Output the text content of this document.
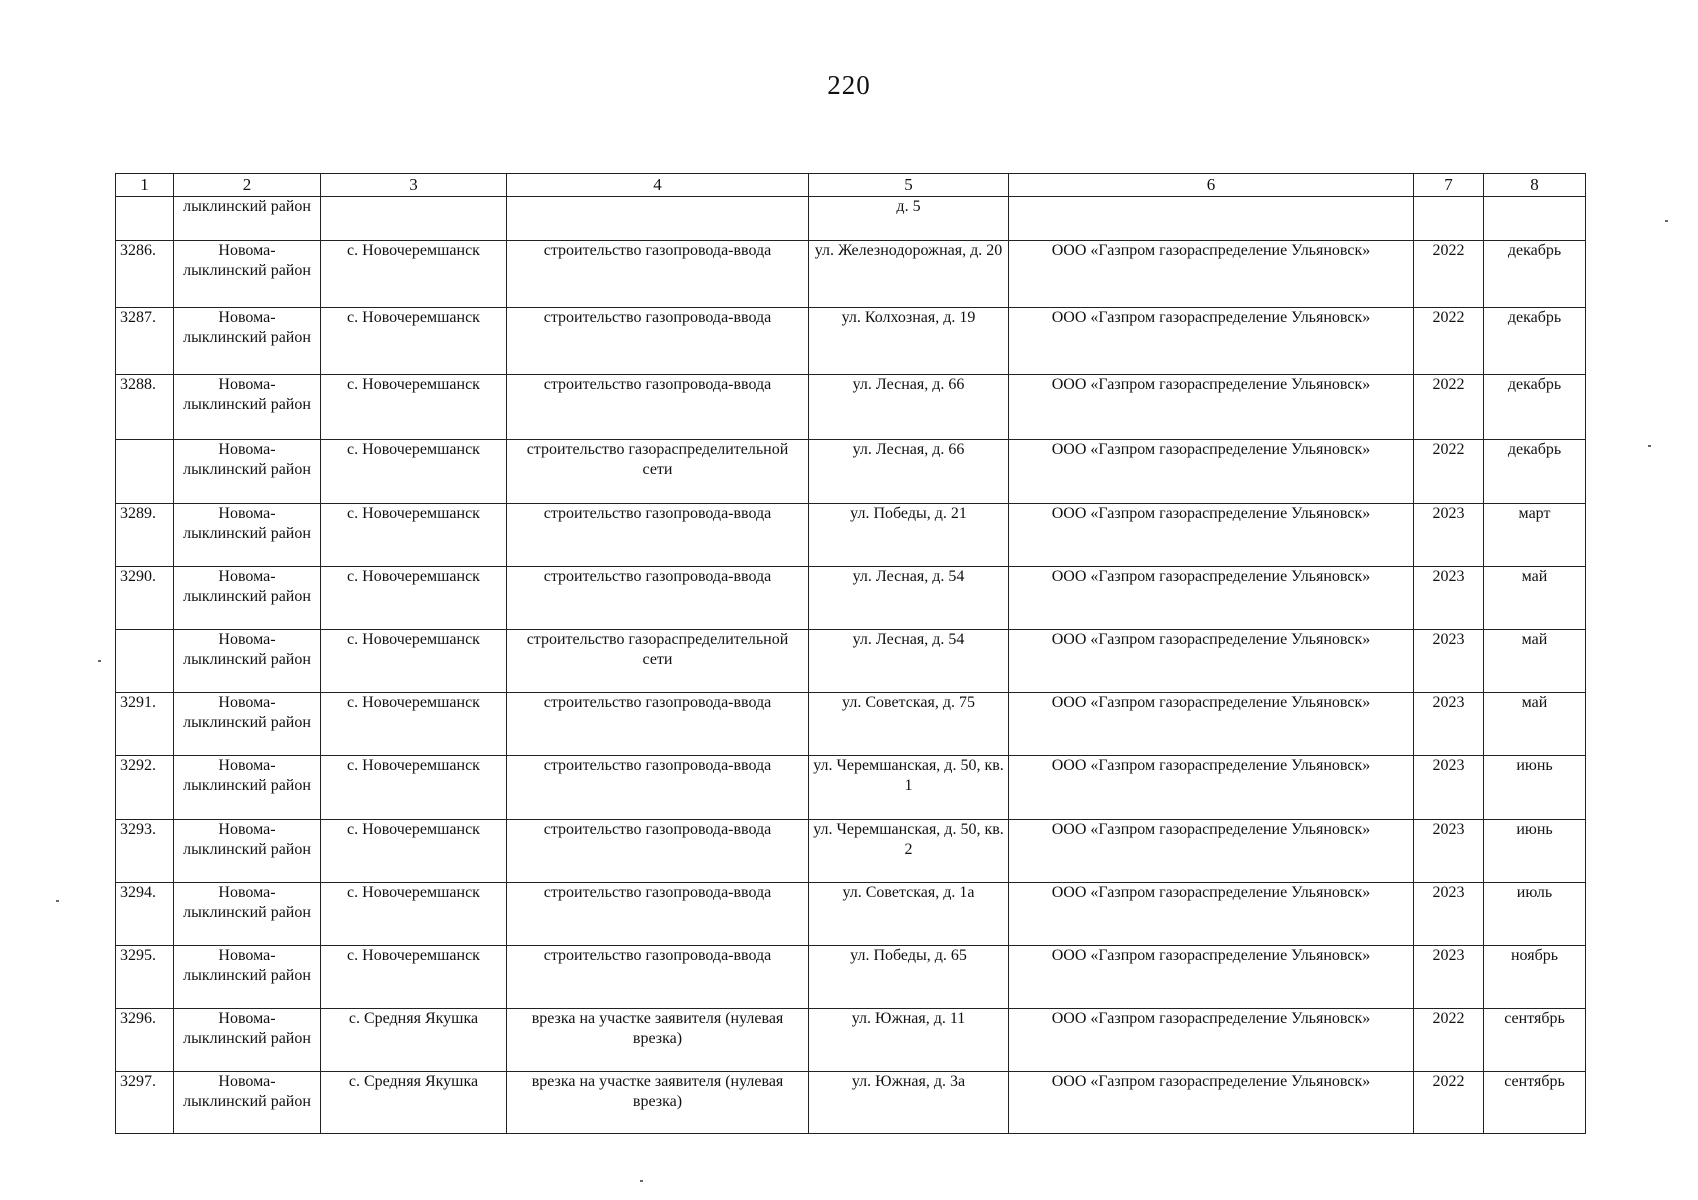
220
1	2	3	4	5	6	7	8
	лыклинский район			д. 5			
3286.	Новома-лыклинский район	с. Новочеремшанск	строительство газопровода-ввода	ул. Железнодорожная, д. 20	ООО «Газпром газораспределение Ульяновск»	2022	декабрь
3287.	Новома-лыклинский район	с. Новочеремшанск	строительство газопровода-ввода	ул. Колхозная, д. 19	ООО «Газпром газораспределение Ульяновск»	2022	декабрь
3288.	Новома-лыклинский район	с. Новочеремшанск	строительство газопровода-ввода	ул. Лесная, д. 66	ООО «Газпром газораспределение Ульяновск»	2022	декабрь
	Новома-лыклинский район	с. Новочеремшанск	строительство газораспределительной сети	ул. Лесная, д. 66	ООО «Газпром газораспределение Ульяновск»	2022	декабрь
3289.	Новома-лыклинский район	с. Новочеремшанск	строительство газопровода-ввода	ул. Победы, д. 21	ООО «Газпром газораспределение Ульяновск»	2023	март
3290.	Новома-лыклинский район	с. Новочеремшанск	строительство газопровода-ввода	ул. Лесная, д. 54	ООО «Газпром газораспределение Ульяновск»	2023	май
	Новома-лыклинский район	с. Новочеремшанск	строительство газораспределительной сети	ул. Лесная, д. 54	ООО «Газпром газораспределение Ульяновск»	2023	май
3291.	Новома-лыклинский район	с. Новочеремшанск	строительство газопровода-ввода	ул. Советская, д. 75	ООО «Газпром газораспределение Ульяновск»	2023	май
3292.	Новома-лыклинский район	с. Новочеремшанск	строительство газопровода-ввода	ул. Черемшанская, д. 50, кв. 1	ООО «Газпром газораспределение Ульяновск»	2023	июнь
3293.	Новома-лыклинский район	с. Новочеремшанск	строительство газопровода-ввода	ул. Черемшанская, д. 50, кв. 2	ООО «Газпром газораспределение Ульяновск»	2023	июнь
3294.	Новома-лыклинский район	с. Новочеремшанск	строительство газопровода-ввода	ул. Советская, д. 1а	ООО «Газпром газораспределение Ульяновск»	2023	июль
3295.	Новома-лыклинский район	с. Новочеремшанск	строительство газопровода-ввода	ул. Победы, д. 65	ООО «Газпром газораспределение Ульяновск»	2023	ноябрь
3296.	Новома-лыклинский район	с. Средняя Якушка	врезка на участке заявителя (нулевая врезка)	ул. Южная, д. 11	ООО «Газпром газораспределение Ульяновск»	2022	сентябрь
3297.	Новома-лыклинский район	с. Средняя Якушка	врезка на участке заявителя (нулевая врезка)	ул. Южная, д. 3а	ООО «Газпром газораспределение Ульяновск»	2022	сентябрь
